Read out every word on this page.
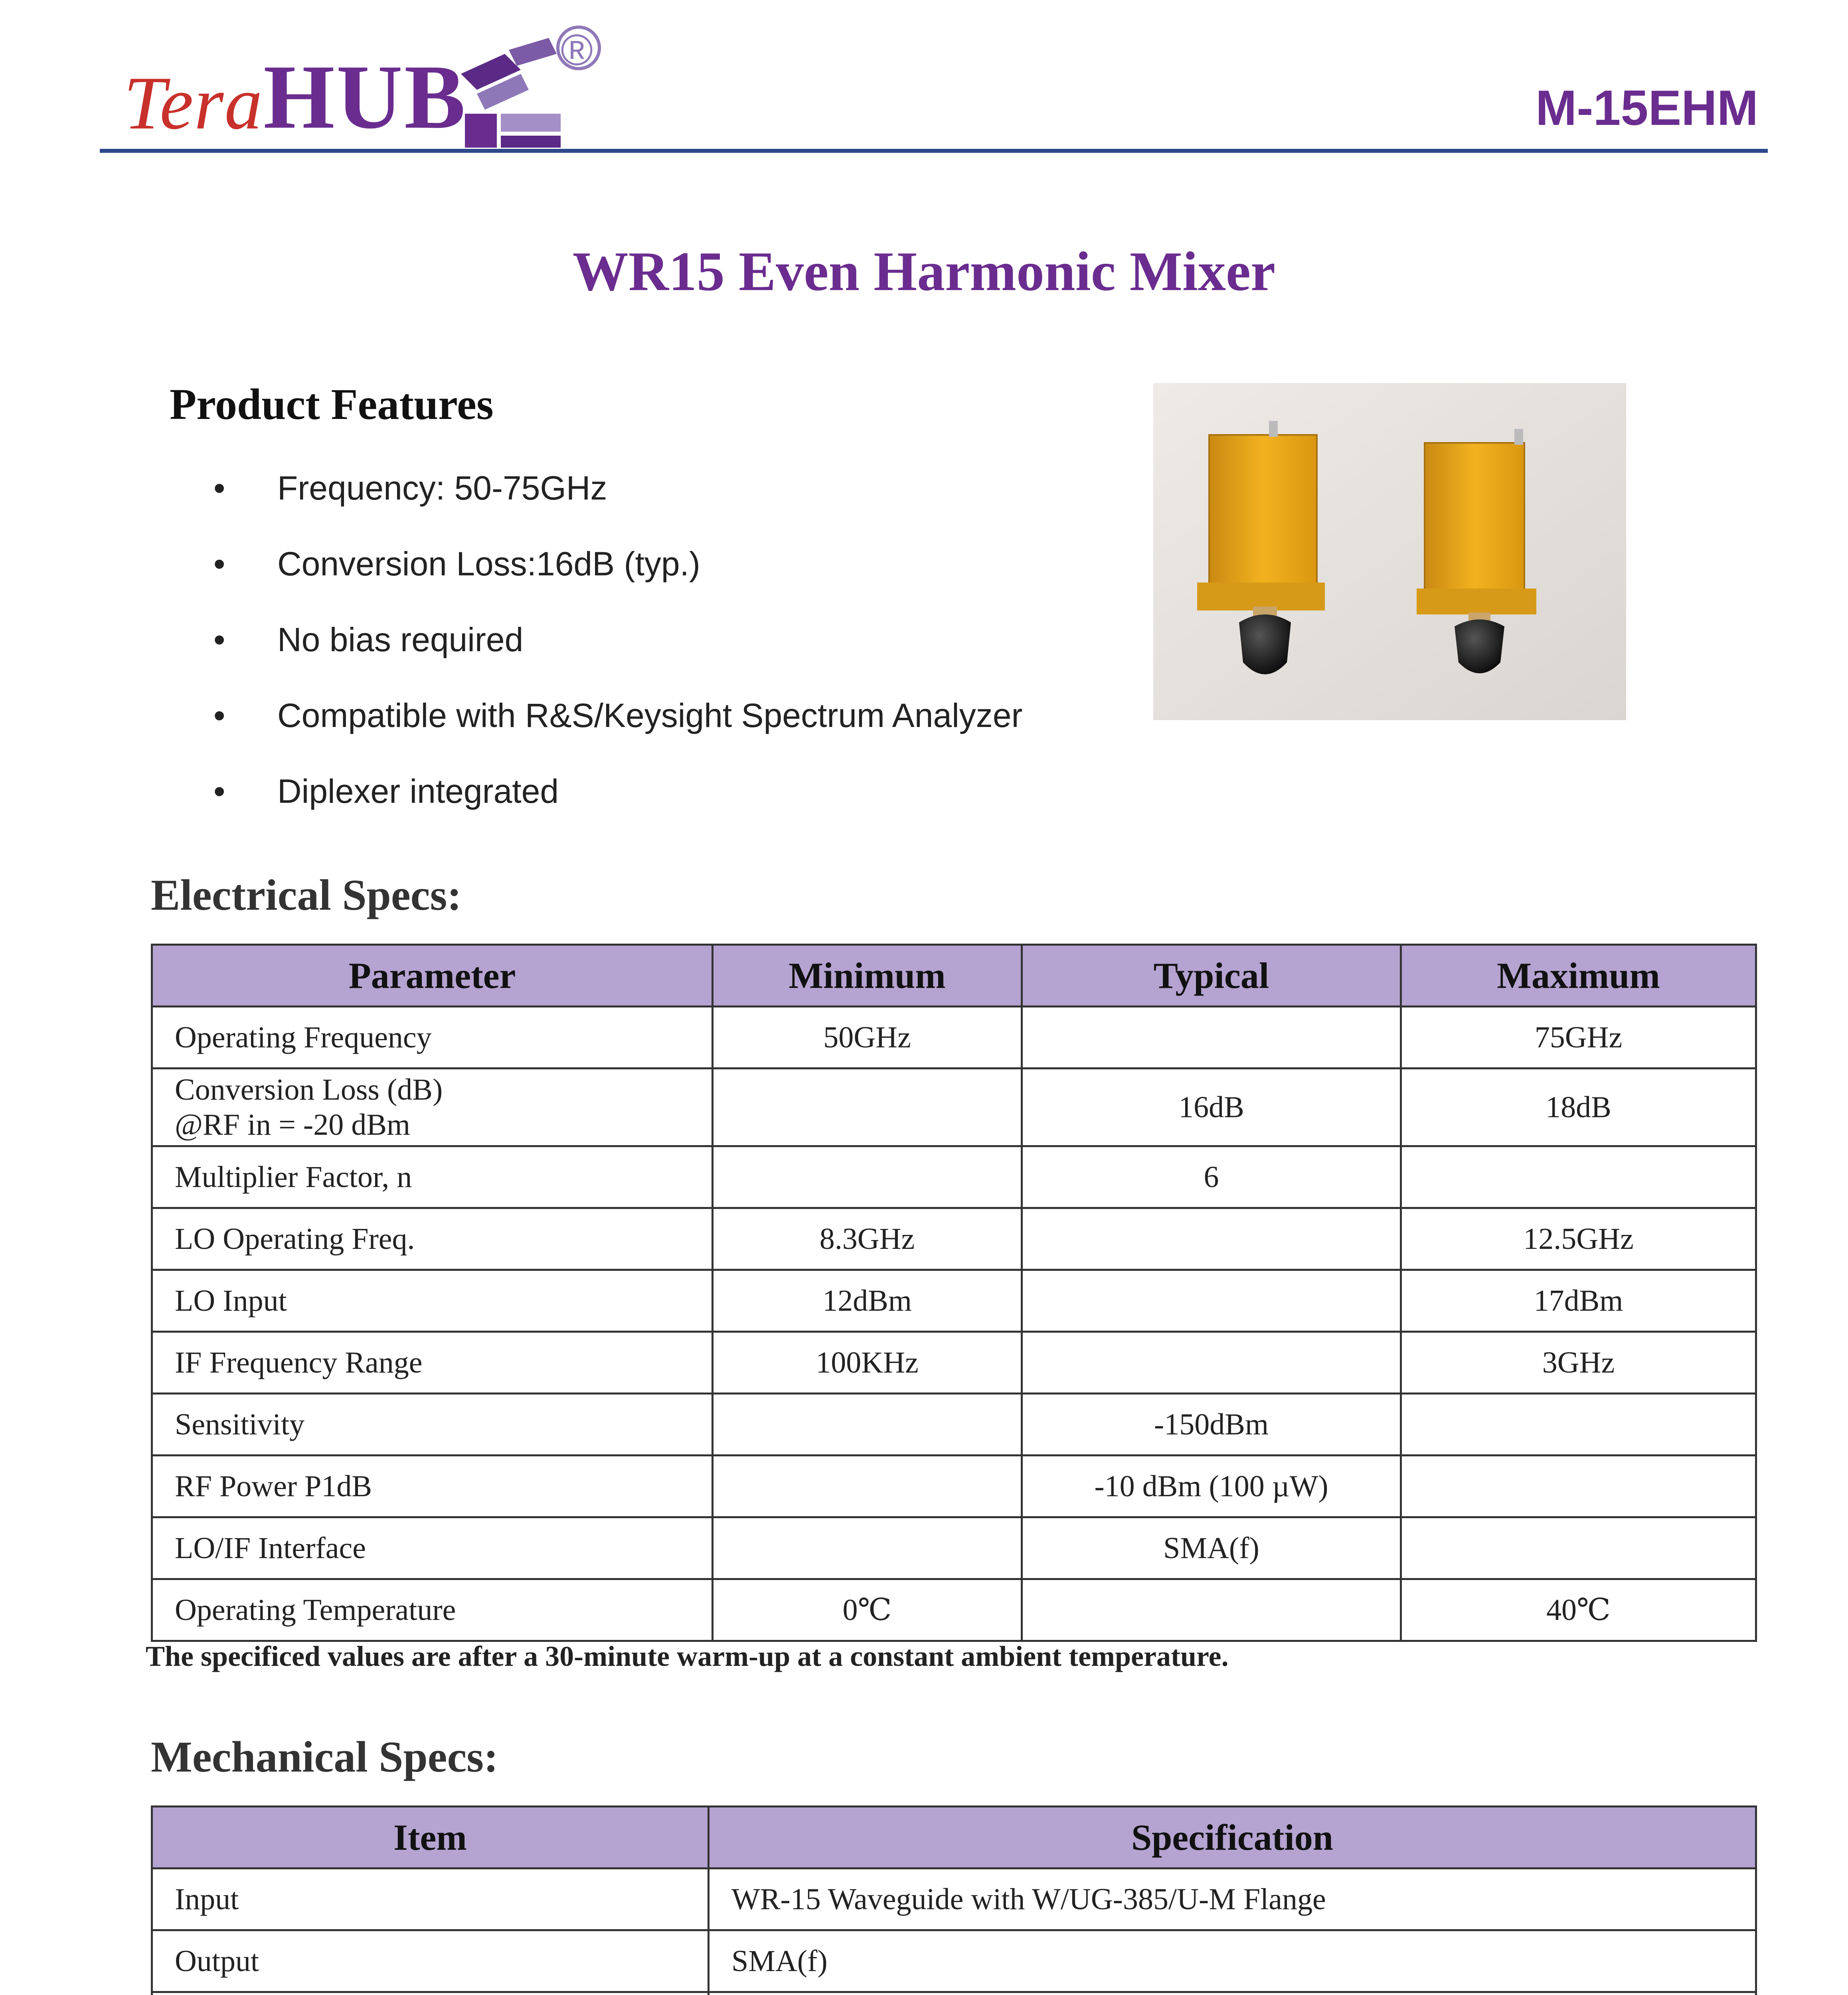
Tera HUB ®
M-15EHM
WR15 Even Harmonic Mixer
Product Features
• Frequency: 50-75GHz
• Conversion Loss:16dB (typ.)
• No bias required
• Compatible with R&S/Keysight Spectrum Analyzer
• Diplexer integrated
Electrical Specs:
Parameter	Minimum	Typical	Maximum
Operating Frequency	50GHz		75GHz

Conversion Loss (dB)
@RF in = -20 dBm		16dB	18dB
Multiplier Factor, n		6	
LO Operating Freq.	8.3GHz		12.5GHz
LO Input	12dBm		17dBm
IF Frequency Range	100KHz		3GHz
Sensitivity		-150dBm	
RF Power P1dB		-10 dBm (100 µW)	
LO/IF Interface		SMA(f)	
Operating Temperature	0℃		40℃
The specificed values are after a 30-minute warm-up at a constant ambient temperature.
Mechanical Specs:
Item	Specification
Input	WR-15 Waveguide with W/UG-385/U-M Flange
Output	SMA(f)
